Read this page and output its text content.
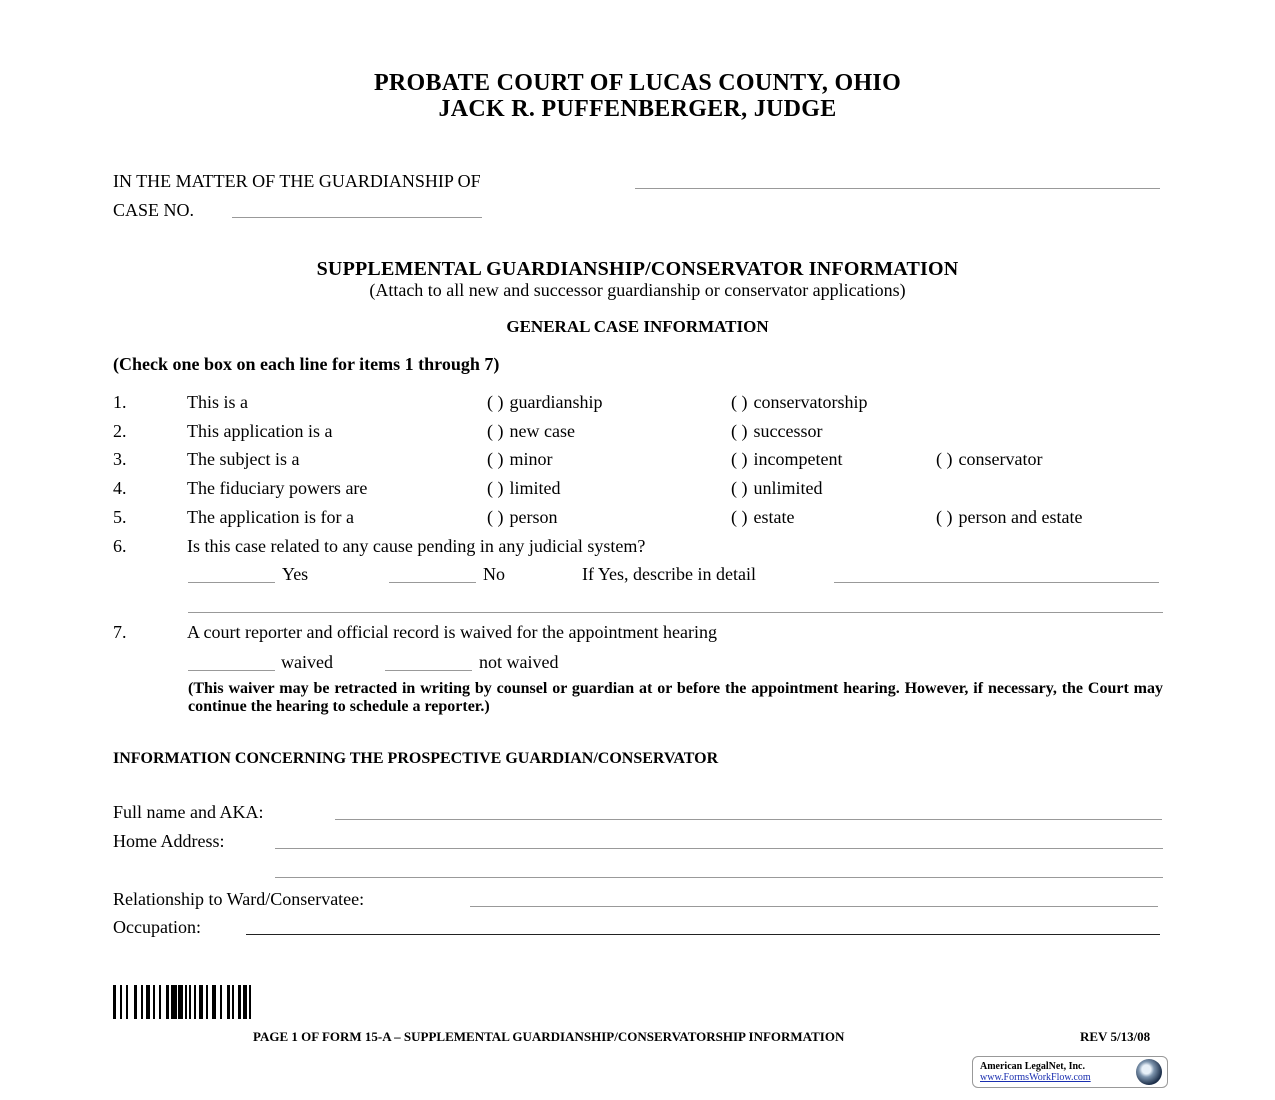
PROBATE COURT OF LUCAS COUNTY, OHIO
JACK R. PUFFENBERGER, JUDGE
IN THE MATTER OF THE GUARDIANSHIP OF
CASE NO.
SUPPLEMENTAL GUARDIANSHIP/CONSERVATOR INFORMATION
(Attach to all new and successor guardianship or conservator applications)
GENERAL CASE INFORMATION
(Check one box on each line for items 1 through 7)
1.	This is a	( ) guardianship	( ) conservatorship
2.	This application is a	( ) new case	( ) successor
3.	The subject is a	( ) minor	( ) incompetent	( ) conservator
4.	The fiduciary powers are	( ) limited	( ) unlimited
5.	The application is for a	( ) person	( ) estate	( ) person and estate
6.	Is this case related to any cause pending in any judicial system?
Yes	No	If Yes, describe in detail
7.	A court reporter and official record is waived for the appointment hearing
waived	not waived
(This waiver may be retracted in writing by counsel or guardian at or before the appointment hearing. However, if necessary, the Court may continue the hearing to schedule a reporter.)
INFORMATION CONCERNING THE PROSPECTIVE GUARDIAN/CONSERVATOR
Full name and AKA:
Home Address:
Relationship to Ward/Conservatee:
Occupation:
PAGE 1 OF FORM 15-A – SUPPLEMENTAL GUARDIANSHIP/CONSERVATORSHIP INFORMATION	REV 5/13/08
American LegalNet, Inc.
www.FormsWorkFlow.com
